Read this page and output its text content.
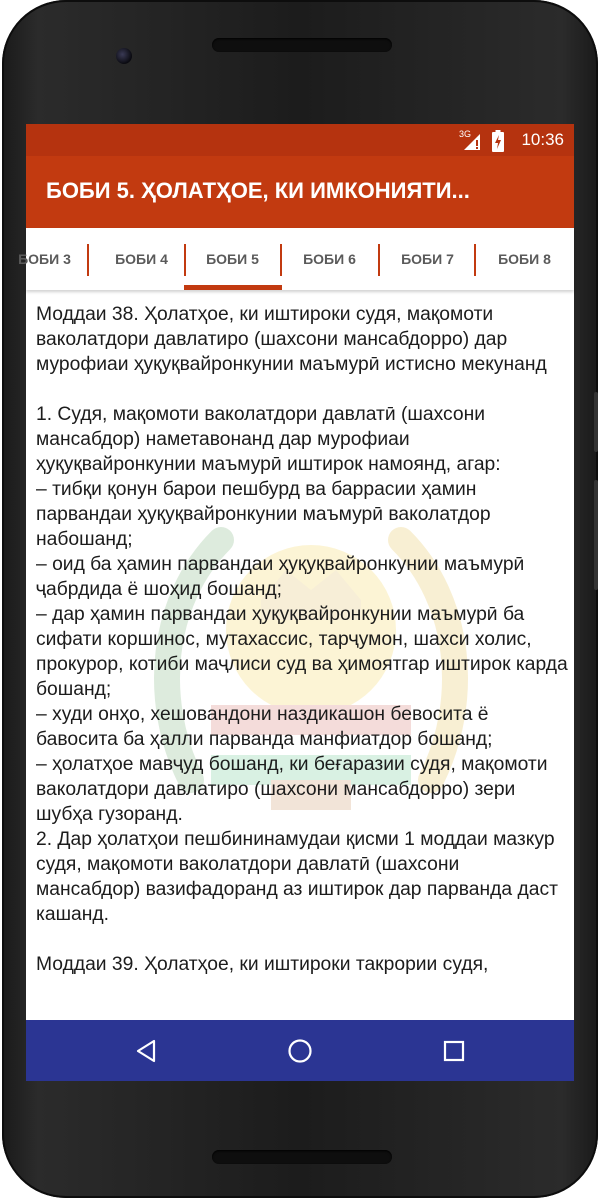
3G	10:36
БОБИ 5. ҲОЛАТҲОЕ, КИ ИМКОНИЯТИ...
БОБИ 3	БОБИ 4	БОБИ 5	БОБИ 6	БОБИ 7	БОБИ 8
Моддаи 38. Ҳолатҳое, ки иштироки судя, мақомоти ваколатдори давлатиро (шахсони мансабдорро) дар мурофиаи ҳуқуқвайронкунии маъмурӣ истисно мекунанд

1. Судя, мақомоти ваколатдори давлатӣ (шахсони мансабдор) наметавонанд дар мурофиаи ҳуқуқвайронкунии маъмурӣ иштирок намоянд, агар:
– тибқи қонун барои пешбурд ва баррасии ҳамин парвандаи ҳуқуқвайронкунии маъмурӣ ваколатдор набошанд;
– оид ба ҳамин парвандаи ҳуқуқвайронкунии маъмурӣ ҷабрдида ё шоҳид бошанд;
– дар ҳамин парвандаи ҳуқуқвайронкунии маъмурӣ ба сифати коршинос, мутахассис, тарҷумон, шахси холис, прокурор, котиби маҷлиси суд ва ҳимоятгар иштирок карда бошанд;
– худи онҳо, хешовандони наздикашон бевосита ё бавосита ба ҳалли парванда манфиатдор бошанд;
– ҳолатҳое мавҷуд бошанд, ки беғаразии судя, мақомоти ваколатдори давлатиро (шахсони мансабдорро) зери шубҳа гузоранд.
2. Дар ҳолатҳои пешбининамудаи қисми 1 моддаи мазкур судя, мақомоти ваколатдори давлатӣ (шахсони мансабдор) вазифадоранд аз иштирок дар парванда даст кашанд.

Моддаи 39. Ҳолатҳое, ки иштироки такрории судя,
